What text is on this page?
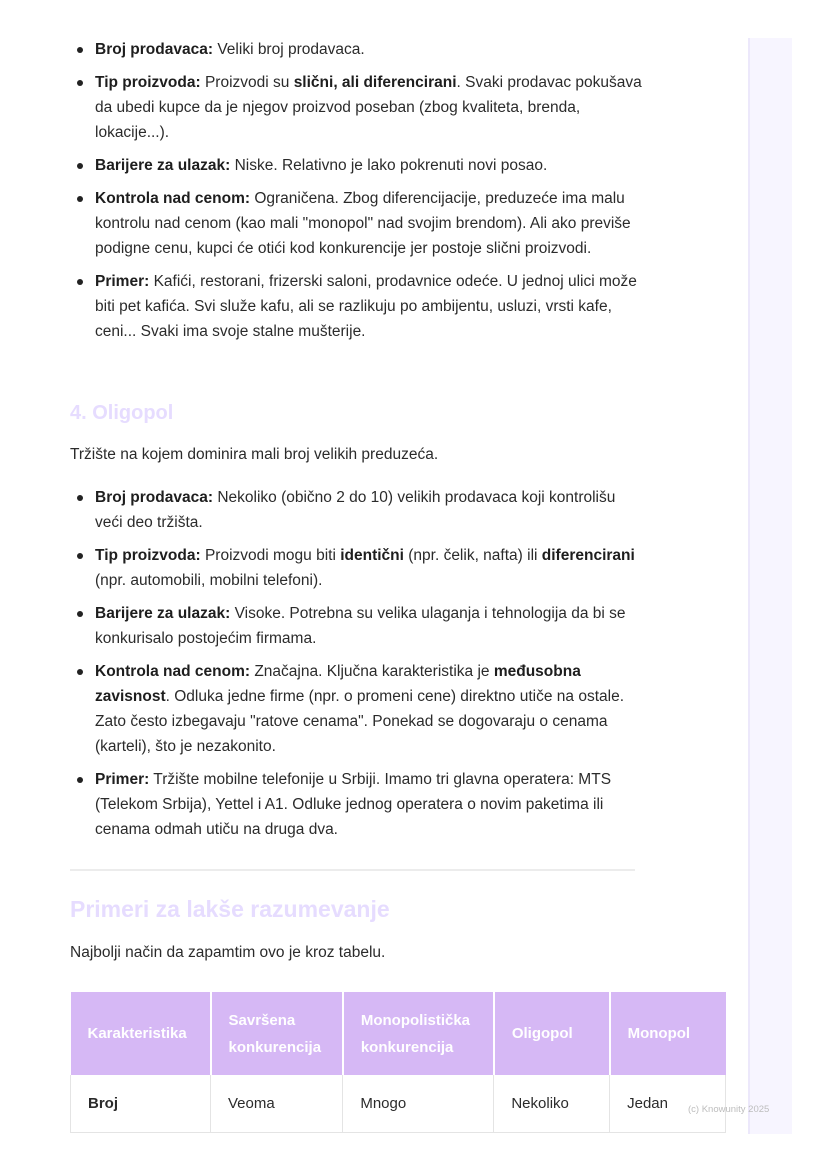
Broj prodavaca: Veliki broj prodavaca.
Tip proizvoda: Proizvodi su slični, ali diferencirani. Svaki prodavac pokušava da ubedi kupce da je njegov proizvod poseban (zbog kvaliteta, brenda, lokacije...).
Barijere za ulazak: Niske. Relativno je lako pokrenuti novi posao.
Kontrola nad cenom: Ograničena. Zbog diferencijacije, preduzeće ima malu kontrolu nad cenom (kao mali "monopol" nad svojim brendom). Ali ako previše podigne cenu, kupci će otići kod konkurencije jer postoje slični proizvodi.
Primer: Kafići, restorani, frizerski saloni, prodavnice odeće. U jednoj ulici može biti pet kafića. Svi služe kafu, ali se razlikuju po ambijentu, usluzi, vrsti kafe, ceni... Svaki ima svoje stalne mušterije.
4. Oligopol
Tržište na kojem dominira mali broj velikih preduzeća.
Broj prodavaca: Nekoliko (obično 2 do 10) velikih prodavaca koji kontrolišu veći deo tržišta.
Tip proizvoda: Proizvodi mogu biti identični (npr. čelik, nafta) ili diferencirani (npr. automobili, mobilni telefoni).
Barijere za ulazak: Visoke. Potrebna su velika ulaganja i tehnologija da bi se konkurisalo postojećim firmama.
Kontrola nad cenom: Značajna. Ključna karakteristika je međusobna zavisnost. Odluka jedne firme (npr. o promeni cene) direktno utiče na ostale. Zato često izbegavaju "ratove cenama". Ponekad se dogovaraju o cenama (karteli), što je nezakonito.
Primer: Tržište mobilne telefonije u Srbiji. Imamo tri glavna operatera: MTS (Telekom Srbija), Yettel i A1. Odluke jednog operatera o novim paketima ili cenama odmah utiču na druga dva.
Primeri za lakše razumevanje
Najbolji način da zapamtim ovo je kroz tabelu.
Karakteristika	Savršena konkurencija	Monopolistička konkurencija	Oligopol	Monopol
Broj	Veoma	Mnogo	Nekoliko	Jedan (c) Knowunity 2025
